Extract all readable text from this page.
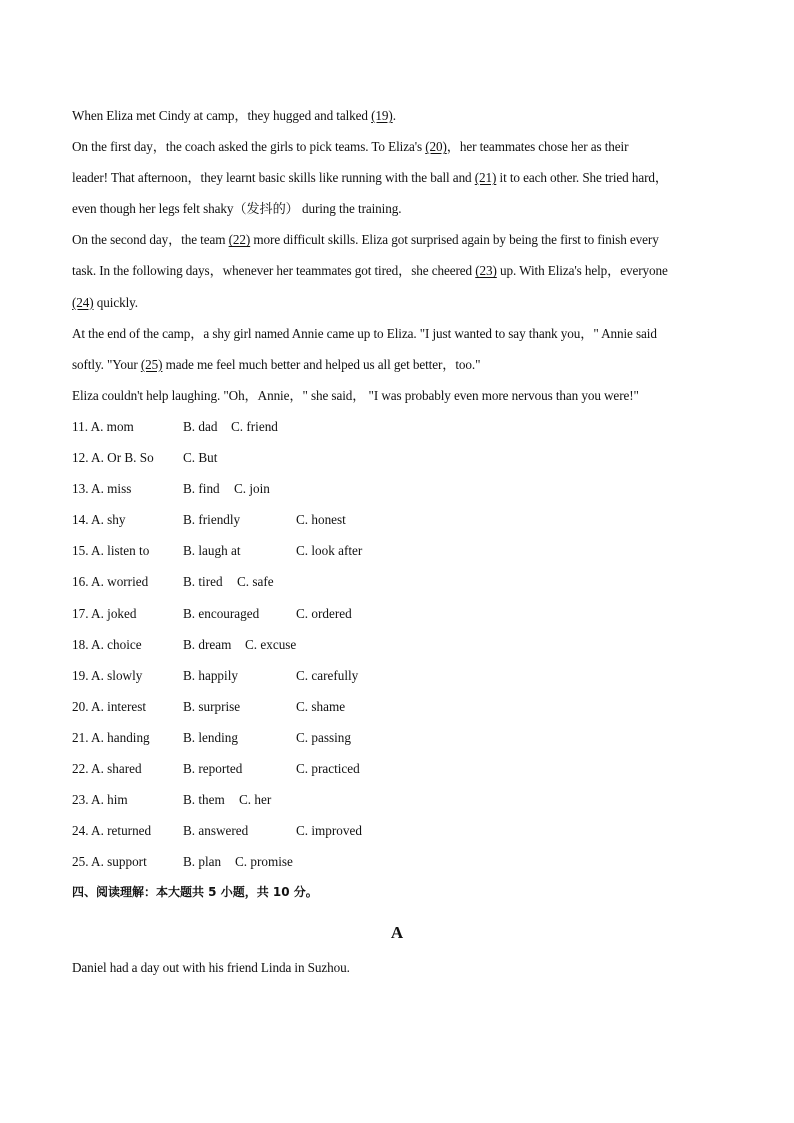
When Eliza met Cindy at camp，they hugged and talked (19).
On the first day，the coach asked the girls to pick teams. To Eliza's (20)，her teammates chose her as their
leader! That afternoon，they learnt basic skills like running with the ball and (21) it to each other. She tried hard，
even though her legs felt shaky（发抖的） during the training.
On the second day，the team (22) more difficult skills. Eliza got surprised again by being the first to finish every
task. In the following days，whenever her teammates got tired，she cheered (23) up. With Eliza's help，everyone
(24) quickly.
At the end of the camp，a shy girl named Annie came up to Eliza. "I just wanted to say thank you，" Annie said
softly. "Your (25) made me feel much better and helped us all get better，too."
Eliza couldn't help laughing. "Oh，Annie，" she said， "I was probably even more nervous than you were!"
11. A. mom	B. dad C. friend
12. A. Or B. So C. But
13. A. miss	B. find C. join
14. A. shy	B. friendly	C. honest
15. A. listen to	B. laugh at	C. look after
16. A. worried	B. tired C. safe
17. A. joked	B. encouraged	C. ordered
18. A. choice	B. dream C. excuse
19. A. slowly	B. happily	C. carefully
20. A. interest	B. surprise	C. shame
21. A. handing	B. lending	C. passing
22. A. shared	B. reported	C. practiced
23. A. him	B. them C. her
24. A. returned B. answered	C. improved
25. A. support	B. plan C. promise
四、阅读理解：本大题共 5 小题，共 10 分。
A
Daniel had a day out with his friend Linda in Suzhou.
